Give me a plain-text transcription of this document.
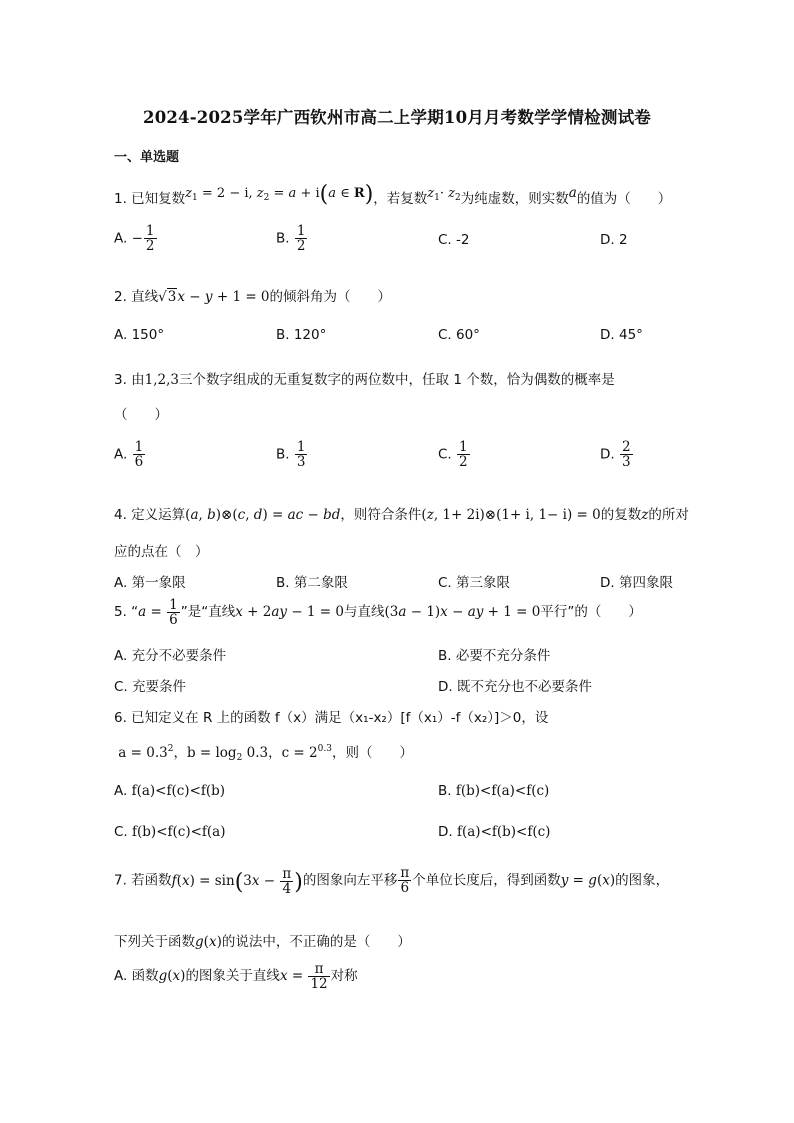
2024-2025学年广西钦州市高二上学期10月月考数学学情检测试卷
一、单选题
1. 已知复数$z_1 = 2 - i$, $z_2 = a + i(a$ ∈ R)，若复数$z_1\cdot z_2$为纯虚数，则实数a的值为（　　）
A. − $\frac{1}{2}$	B. $\frac{1}{2}$	C. -2	D. 2
2. 直线√3x − y + 1 = 0的倾斜角为（　　）
A. 150°	B. 120°	C. 60°	D. 45°
3. 由1,2,3三个数字组成的无重复数字的两位数中，任取 1 个数，恰为偶数的概率是
（　　）
A. $\frac{1}{6}$	B. $\frac{1}{3}$	C. $\frac{1}{2}$	D. $\frac{2}{3}$
4. 定义运算(a, b)⊗(c, d) = ac − bd，则符合条件(z, 1+ 2i)⊗(1+ i, 1− i) = 0的复数z的所对
应的点在（　）
A. 第一象限	B. 第二象限	C. 第三象限	D. 第四象限
5. “$a = \frac{1}{6}$ ”是“直线x + 2ay − 1 = 0与直线(3a − 1)x − ay + 1 = 0平行”的（　　）
A. 充分不必要条件	B. 必要不充分条件
C. 充要条件	D. 既不充分也不必要条件
6. 已知定义在 R 上的函数 f（x）满足（x₁-x₂）[f（x₁）-f（x₂）]＞0，设
$a = 0.3^2$，$b = \log_2 0.3$，$c = 2^{0.3}$，则（　　）
A. f(a)<f(c)<f(b)	B. f(b)<f(a)<f(c)
C. f(b)<f(c)<f(a)	D. f(a)<f(b)<f(c)
7. 若函数$f(x) = \sin(3x - \frac{\pi}{4}$ )的图象向左平移 $\frac{\pi}{6}$ 个单位长度后，得到函数y = g(x)的图象，
下列关于函数g(x)的说法中，不正确的是（　　）
A. 函数g(x)的图象关于直线$x = \frac{\pi}{12}$ 对称
